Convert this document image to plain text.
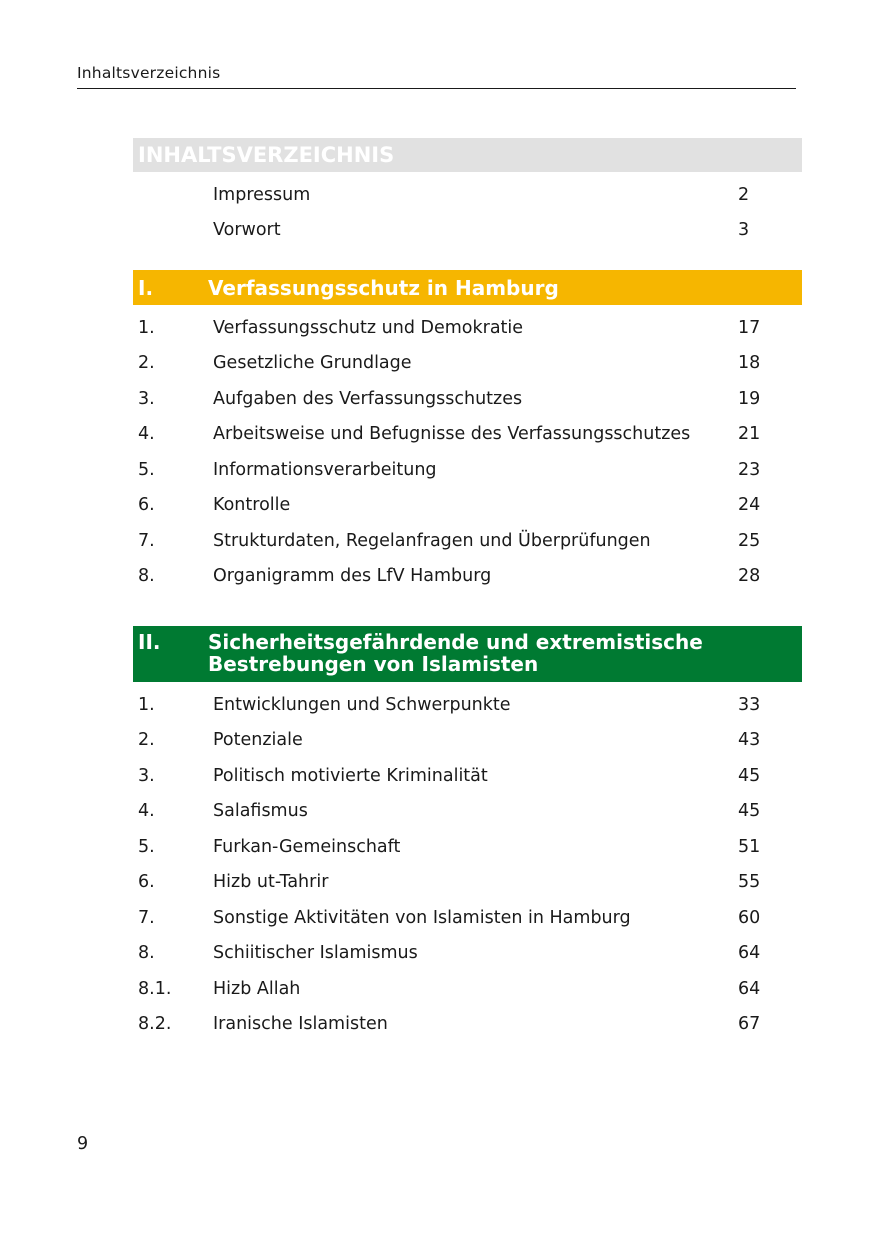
Inhaltsverzeichnis
INHALTSVERZEICHNIS
Impressum	2
Vorwort	3
I.	Verfassungsschutz in Hamburg
1.	Verfassungsschutz und Demokratie	17
2.	Gesetzliche Grundlage	18
3.	Aufgaben des Verfassungsschutzes	19
4.	Arbeitsweise und Befugnisse des Verfassungsschutzes	21
5.	Informationsverarbeitung	23
6.	Kontrolle	24
7.	Strukturdaten, Regelanfragen und Überprüfungen	25
8.	Organigramm des LfV Hamburg	28
II.	Sicherheitsgefährdende und extremistische
Bestrebungen von Islamisten
1.	Entwicklungen und Schwerpunkte	33
2.	Potenziale	43
3.	Politisch motivierte Kriminalität	45
4.	Salafismus	45
5.	Furkan-Gemeinschaft	51
6.	Hizb ut-Tahrir	55
7.	Sonstige Aktivitäten von Islamisten in Hamburg	60
8.	Schiitischer Islamismus	64
8.1.	Hizb Allah	64
8.2.	Iranische Islamisten	67
9
